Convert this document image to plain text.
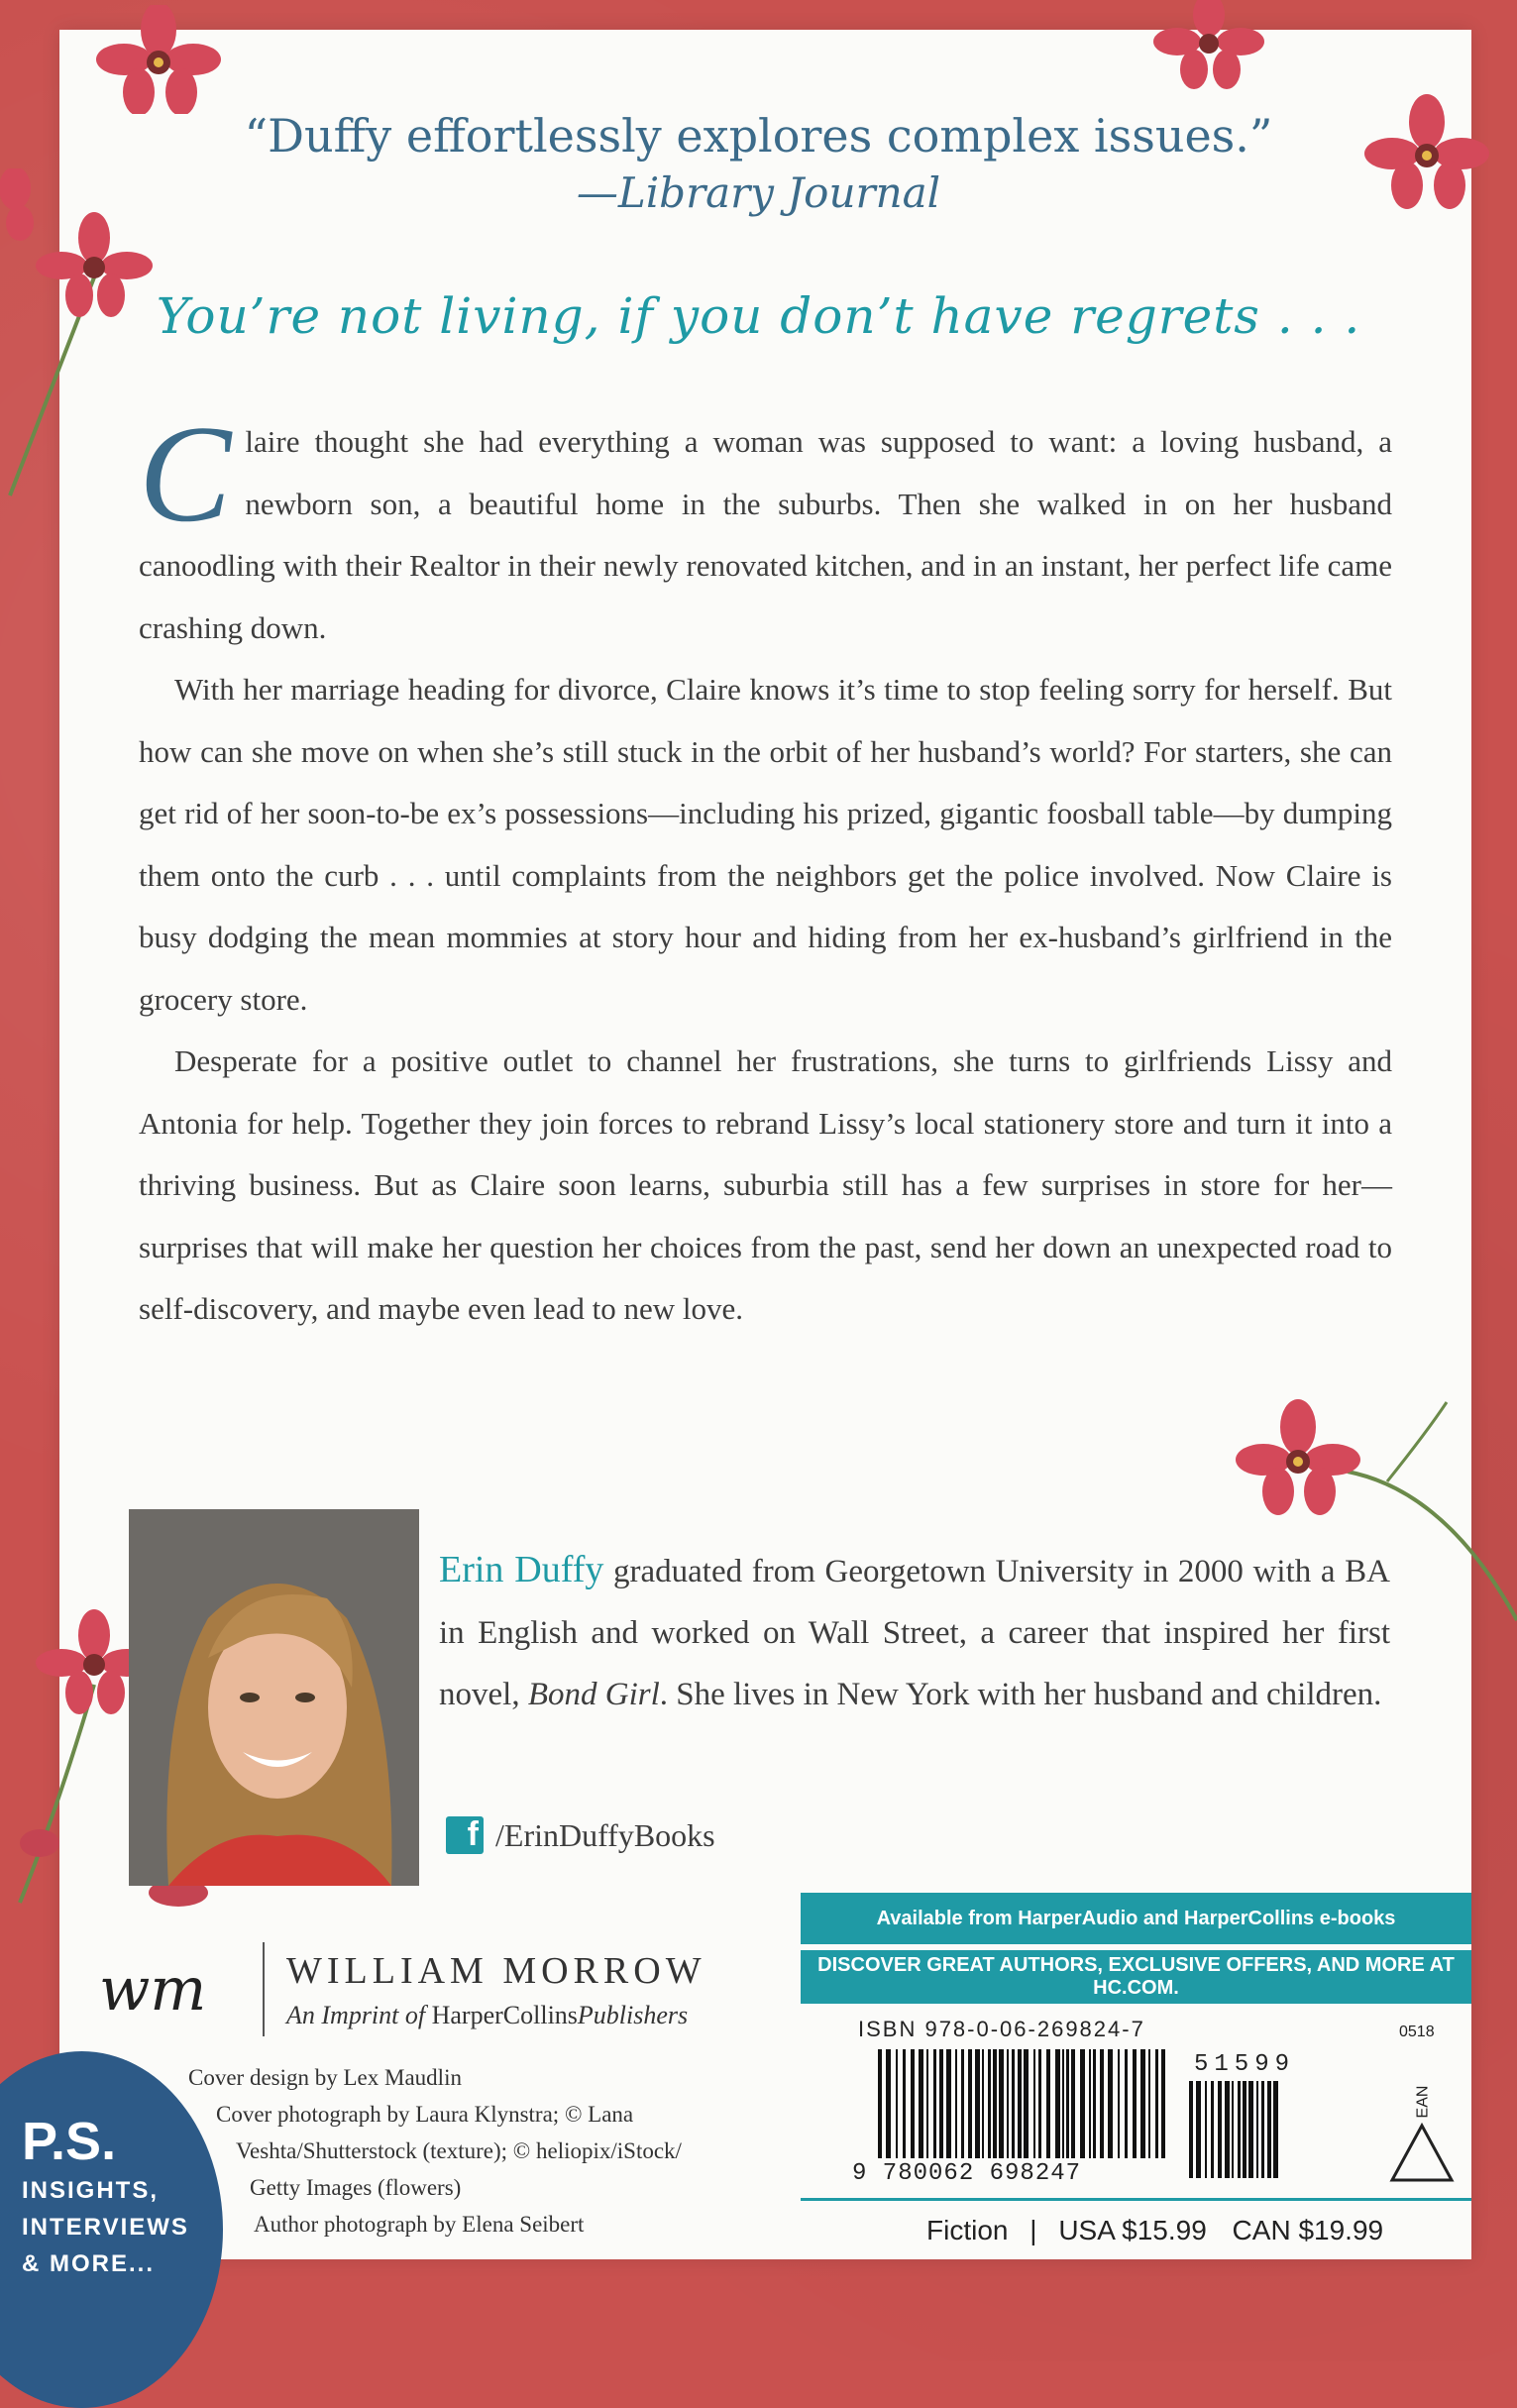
“Duffy effortlessly explores complex issues.”
—Library Journal
You’re not living, if you don’t have regrets . . .

Claire thought she had everything a woman was supposed to want: a loving husband, a newborn son, a beautiful home in the suburbs. Then she walked in on her husband canoodling with their Realtor in their newly renovated kitchen, and in an instant, her perfect life came crashing down.

With her marriage heading for divorce, Claire knows it’s time to stop feeling sorry for herself. But how can she move on when she’s still stuck in the orbit of her husband’s world? For starters, she can get rid of her soon-to-be ex’s possessions—including his prized, gigantic foosball table—by dumping them onto the curb . . . until complaints from the neighbors get the police involved. Now Claire is busy dodging the mean mommies at story hour and hiding from her ex-husband’s girlfriend in the grocery store.

Desperate for a positive outlet to channel her frustrations, she turns to girlfriends Lissy and Antonia for help. Together they join forces to rebrand Lissy’s local stationery store and turn it into a thriving business. But as Claire soon learns, suburbia still has a few surprises in store for her—surprises that will make her question her choices from the past, send her down an unexpected road to self-discovery, and maybe even lead to new love.

Erin Duffy graduated from Georgetown University in 2000 with a BA in English and worked on Wall Street, a career that inspired her first novel, Bond Girl. She lives in New York with her husband and children.
f /ErinDuffyBooks
Available from HarperAudio and HarperCollins e-books
DISCOVER GREAT AUTHORS, EXCLUSIVE OFFERS, AND MORE AT HC.COM.
wm	WILLIAM MORROW
An Imprint of HarperCollinsPublishers
Cover design by Lex Maudlin
Cover photograph by Laura Klynstra; © Lana
Veshta/Shutterstock (texture); © heliopix/iStock/
Getty Images (flowers)
Author photograph by Elena Seibert
P.S.
INSIGHTS,
INTERVIEWS
& MORE...
ISBN 978-0-06-269824-7	0518
9 780062 698247
51599
EAN
Fiction | USA $15.99 CAN $19.99
